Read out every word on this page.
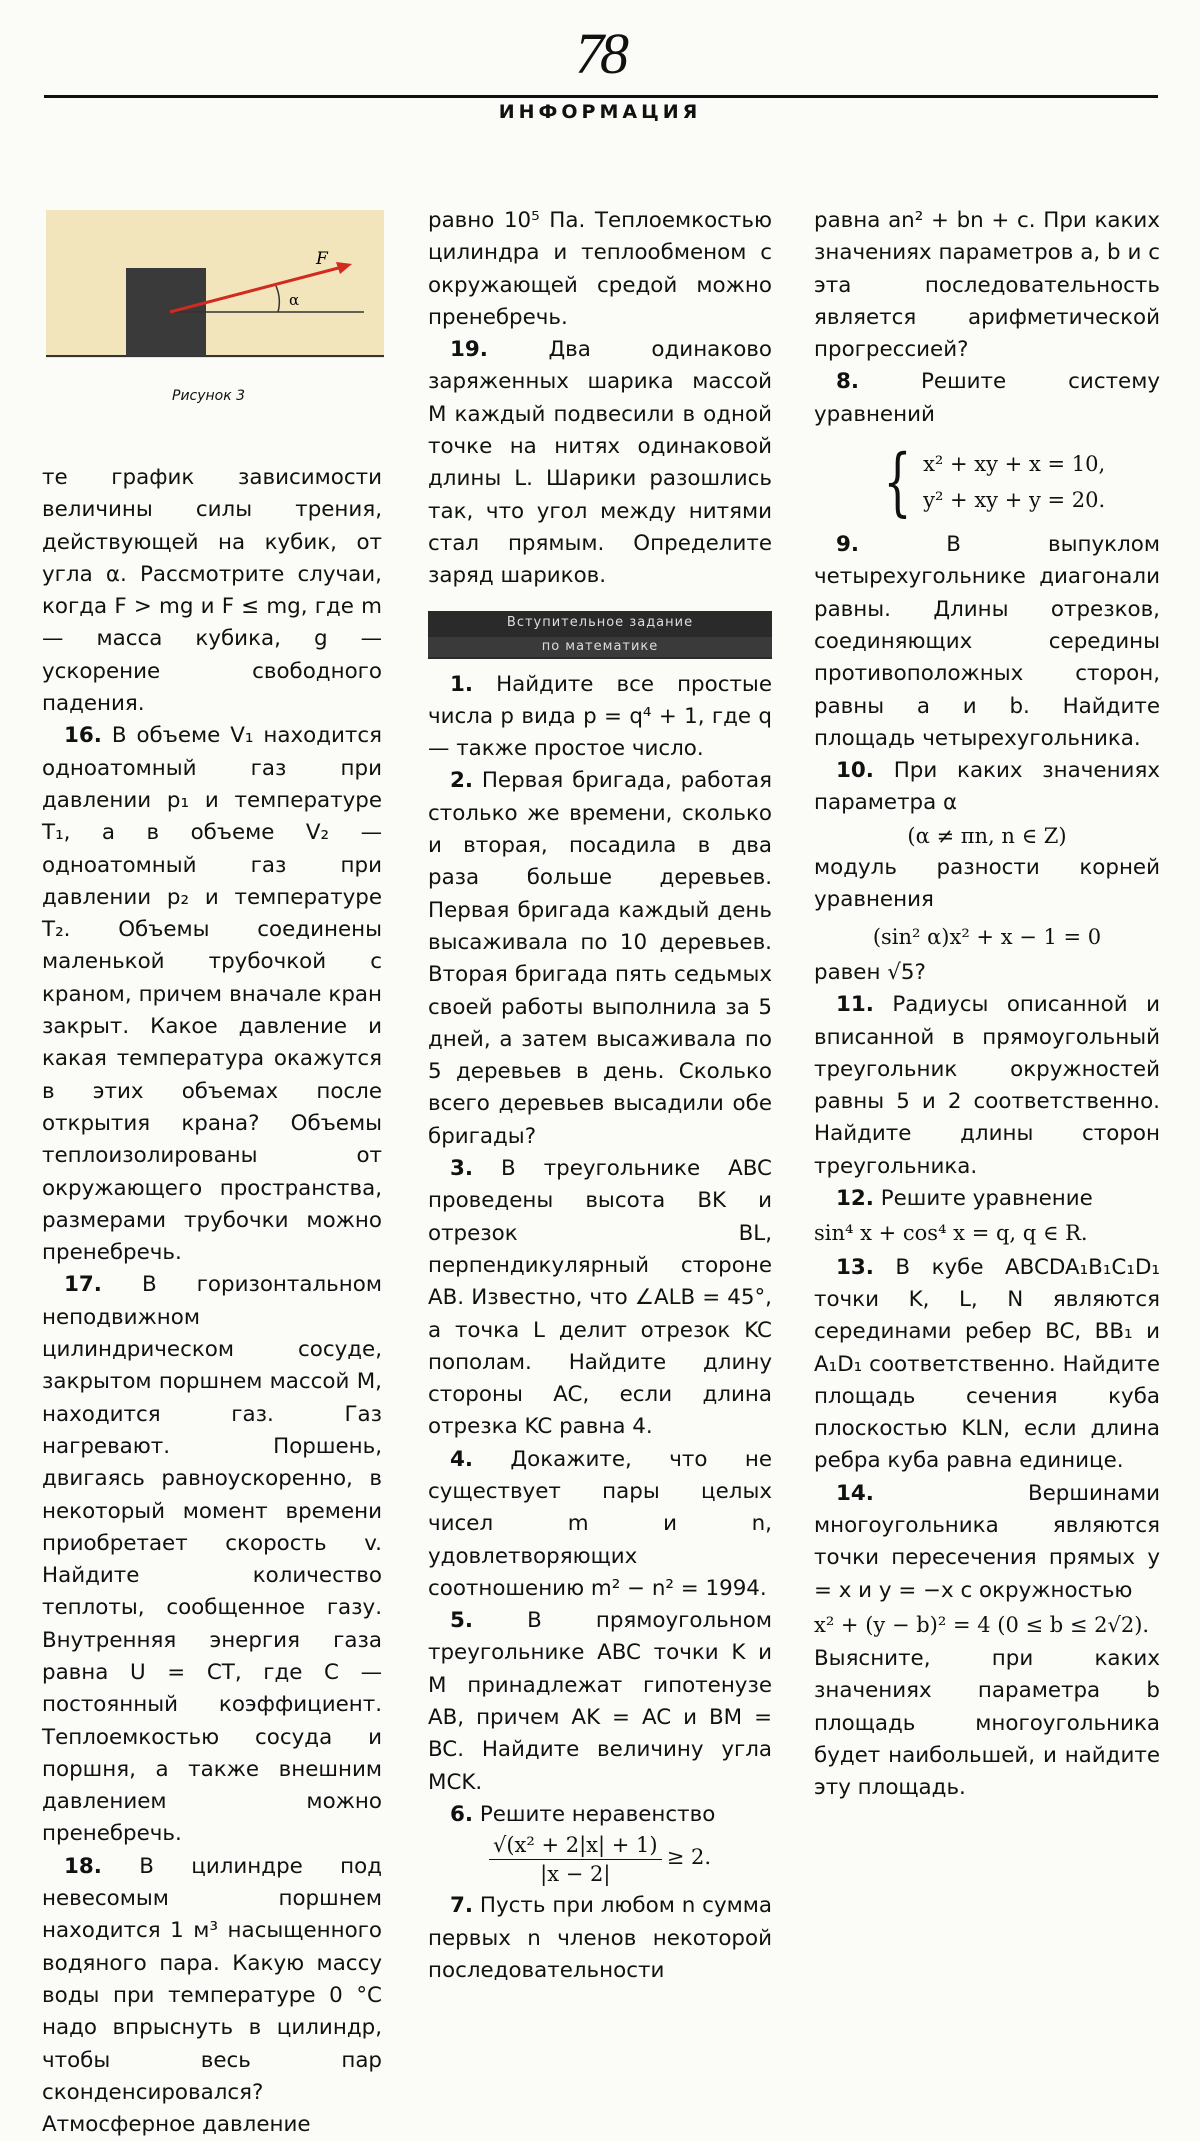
78
ИНФОРМАЦИЯ
F
α
Рисунок 3

те график зависимости величины силы трения, действующей на кубик, от угла α. Рассмотрите случаи, когда F > mg и F ≤ mg, где m — масса кубика, g — ускорение свободного падения.

16. В объеме V₁ находится одноатомный газ при давлении p₁ и температуре T₁, а в объеме V₂ — одноатомный газ при давлении p₂ и температуре T₂. Объемы соединены маленькой трубочкой с краном, причем вначале кран закрыт. Какое давление и какая температура окажутся в этих объемах после открытия крана? Объемы теплоизолированы от окружающего пространства, размерами трубочки можно пренебречь.

17. В горизонтальном неподвижном цилиндрическом сосуде, закрытом поршнем массой M, находится газ. Газ нагревают. Поршень, двигаясь равноускоренно, в некоторый момент времени приобретает скорость v. Найдите количество теплоты, сообщенное газу. Внутренняя энергия газа равна U = CT, где C — постоянный коэффициент. Теплоемкостью сосуда и поршня, а также внешним давлением можно пренебречь.

18. В цилиндре под невесомым поршнем находится 1 м³ насыщенного водяного пара. Какую массу воды при температуре 0 °C надо впрыснуть в цилиндр, чтобы весь пар сконденсировался? Атмосферное давление

равно 10⁵ Па. Теплоемкостью цилиндра и теплообменом с окружающей средой можно пренебречь.

19.	Два одинаково заряженных шарика массой M каждый подвесили в одной точке на нитях одинаковой длины L. Шарики разошлись так, что угол между нитями стал прямым. Определите заряд шариков.

Вступительное задание
по математике

1. Найдите все простые числа p вида p = q⁴ + 1, где q — также простое число.

2. Первая бригада, работая столько же времени, сколько и вторая, посадила в два раза больше деревьев. Первая бригада каждый день высаживала по 10 деревьев. Вторая бригада пять седьмых своей работы выполнила за 5 дней, а затем высаживала по 5 деревьев в день. Сколько всего деревьев высадили обе бригады?

3. В треугольнике ABC проведены высота BK и отрезок BL, перпендикулярный стороне AB. Известно, что ∠ALB = 45°, а точка L делит отрезок KC пополам. Найдите длину стороны AC, если длина отрезка KC равна 4.

4. Докажите, что не существует пары целых чисел m и n, удовлетворяющих соотношению m² − n² = 1994.

5.	В прямоугольном треугольнике ABC точки K и M принадлежат гипотенузе AB, причем AK = AC и BM = BC. Найдите величину угла MCK.

6. Решите неравенство

$\frac{\text{√(x² + 2|x| + 1)}}{|x - 2|} \ge 2$.

7. Пусть при любом n сумма первых n членов некоторой последовательности

равна an² + bn + c. При каких значениях параметров a, b и c эта последовательность является арифметической прогрессией?

8.	Решите систему уравнений

{ x² + xy + x = 10,
y² + xy + y = 20.

9.	В выпуклом четырехугольнике диагонали равны. Длины отрезков, соединяющих середины противоположных сторон, равны a и b. Найдите площадь четырехугольника.

10. При каких значениях параметра α

(α ≠ πn, n ∈ Z)

модуль разности корней уравнения

(sin² α)x² + x − 1 = 0

равен √5?

11. Радиусы описанной и вписанной в прямоугольный треугольник окружностей равны 5 и 2 соответственно. Найдите длины сторон треугольника.

12. Решите уравнение

sin⁴ x + cos⁴ x = q, q ∈ R.

13. В кубе ABCDA₁B₁C₁D₁ точки K, L, N являются серединами ребер BC, BB₁ и A₁D₁ соответственно. Найдите площадь сечения куба плоскостью KLN, если длина ребра куба равна единице.

14.	Вершинами многоугольника являются точки пересечения прямых y = x и y = −x с окружностью

x² + (y − b)² = 4 (0 ≤ b ≤ 2√2).

Выясните, при каких значениях параметра b площадь многоугольника будет наибольшей, и найдите эту площадь.
